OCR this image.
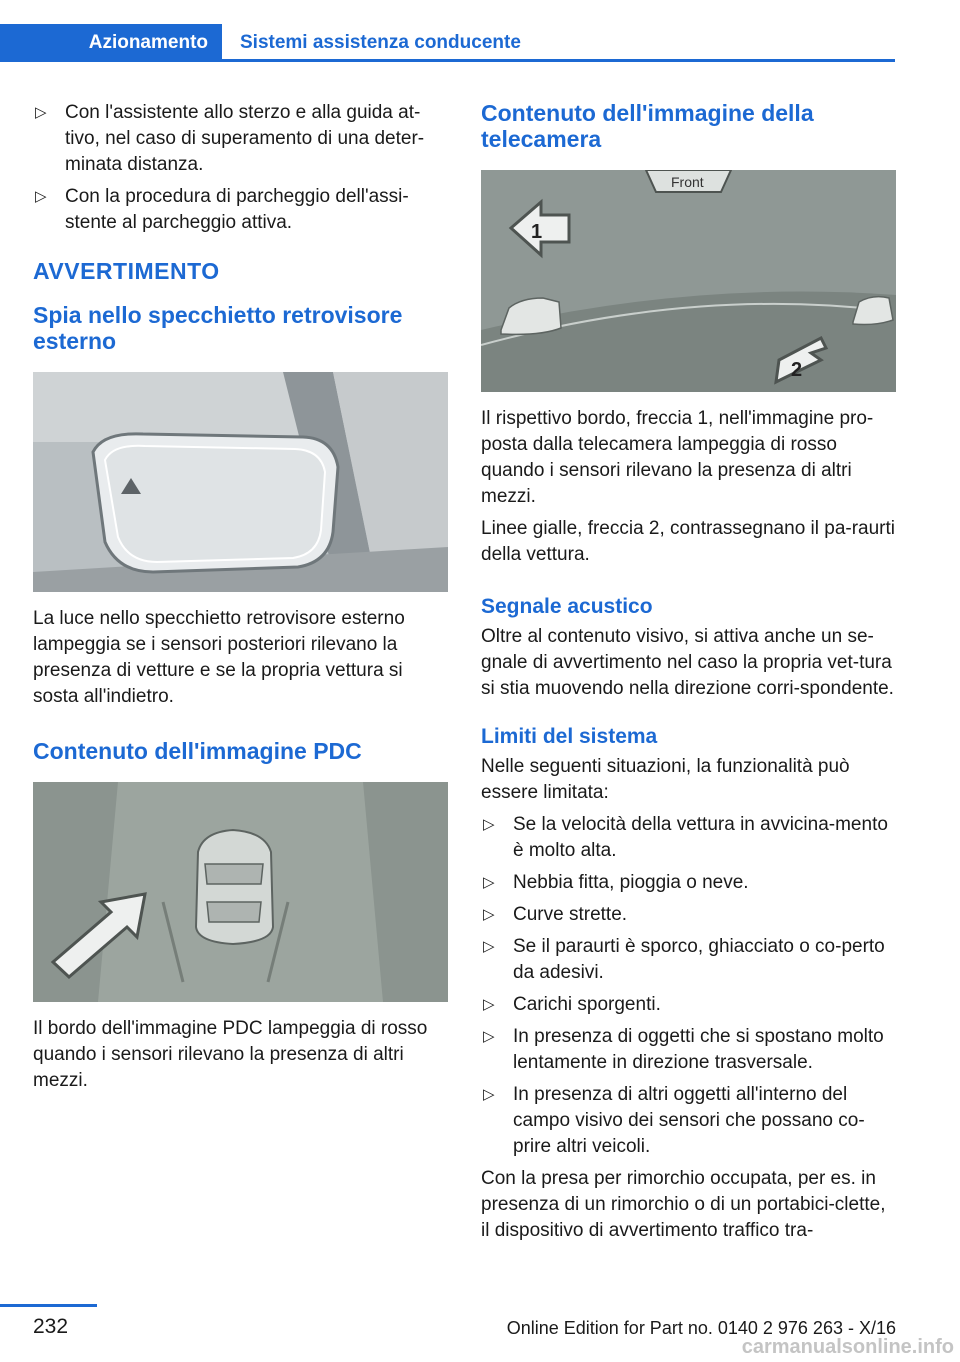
Azionamento	Sistemi assistenza conducente
▷ Con l'assistente allo sterzo e alla guida at-tivo, nel caso di superamento di una deter-minata distanza.
▷ Con la procedura di parcheggio dell'assi-stente al parcheggio attiva.
AVVERTIMENTO
Spia nello specchietto retrovisore esterno

La luce nello specchietto retrovisore esterno lampeggia se i sensori posteriori rilevano la presenza di vetture e se la propria vettura si sosta all'indietro.

Contenuto dell'immagine PDC

Il bordo dell'immagine PDC lampeggia di rosso quando i sensori rilevano la presenza di altri mezzi.

Contenuto dell'immagine della telecamera
Front
1
2

Il rispettivo bordo, freccia 1, nell'immagine pro-posta dalla telecamera lampeggia di rosso quando i sensori rilevano la presenza di altri mezzi.

Linee gialle, freccia 2, contrassegnano il pa-raurti della vettura.

Segnale acustico

Oltre al contenuto visivo, si attiva anche un se-gnale di avvertimento nel caso la propria vet-tura si stia muovendo nella direzione corri-spondente.

Limiti del sistema

Nelle seguenti situazioni, la funzionalità può essere limitata:

▷ Se la velocità della vettura in avvicina-mento è molto alta.
▷ Nebbia fitta, pioggia o neve.
▷ Curve strette.
▷ Se il paraurti è sporco, ghiacciato o co-perto da adesivi.
▷ Carichi sporgenti.
▷ In presenza di oggetti che si spostano molto lentamente in direzione trasversale.
▷ In presenza di altri oggetti all'interno del campo visivo dei sensori che possano co-prire altri veicoli.

Con la presa per rimorchio occupata, per es. in presenza di un rimorchio o di un portabici-clette, il dispositivo di avvertimento traffico tra-

232	Online Edition for Part no. 0140 2 976 263 - X/16
carmanualsonline.info
